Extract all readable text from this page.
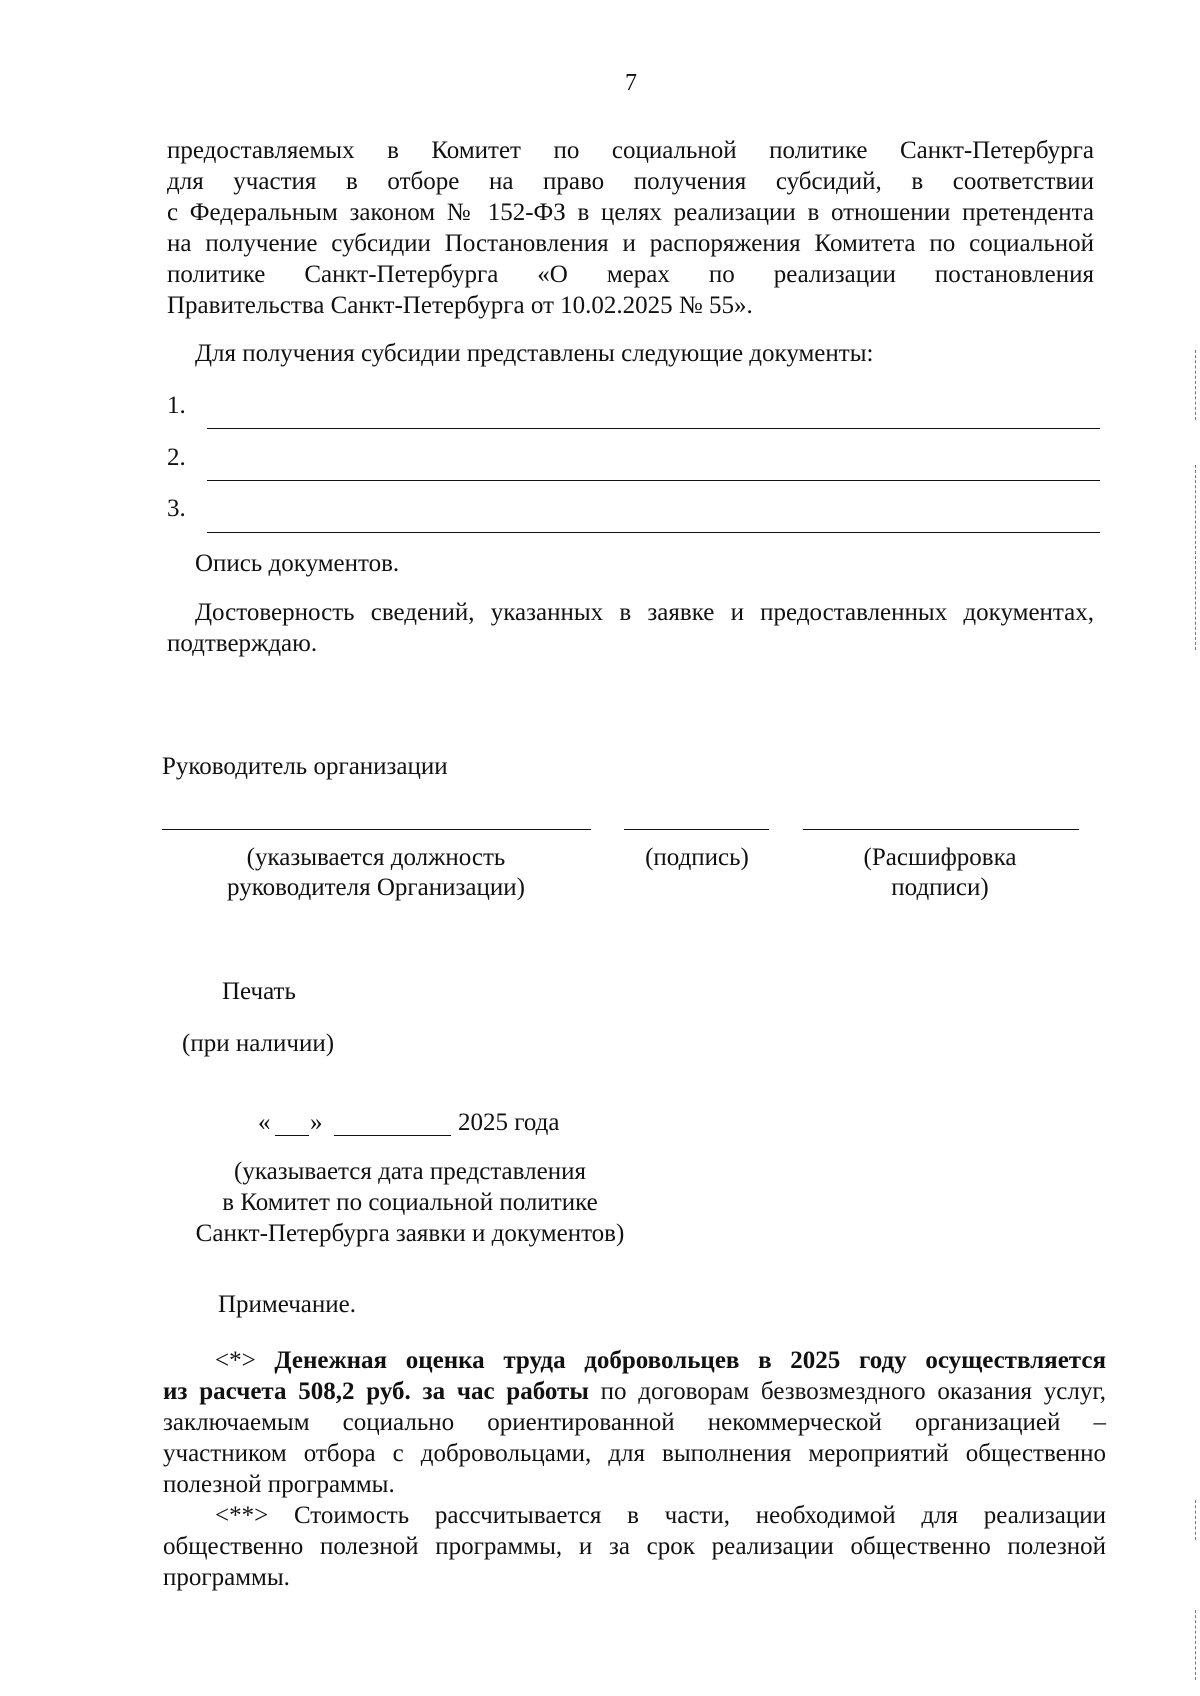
7
предоставляемых в Комитет по социальной политике Санкт-Петербурга
для участия в отборе на право получения субсидий, в соответствии
с Федеральным законом № 152-ФЗ в целях реализации в отношении претендента
на получение субсидии Постановления и распоряжения Комитета по социальной
политике Санкт-Петербурга «О мерах по реализации постановления
Правительства Санкт-Петербурга от 10.02.2025 № 55».
Для получения субсидии представлены следующие документы:
1.
2.
3.
Опись документов.
Достоверность сведений, указанных в заявке и предоставленных документах,
подтверждаю.
Руководитель организации
(указывается должность
руководителя Организации)
(подпись)	(Расшифровка
подписи)
Печать
(при наличии)
« »	2025 года
(указывается дата представления
в Комитет по социальной политике
Санкт-Петербурга заявки и документов)
Примечание.
<*> Денежная оценка труда добровольцев в 2025 году осуществляется
из расчета 508,2 руб. за час работы по договорам безвозмездного оказания услуг,
заключаемым социально ориентированной некоммерческой организацией –
участником отбора с добровольцами, для выполнения мероприятий общественно
полезной программы.
<**> Стоимость рассчитывается в части, необходимой для реализации
общественно полезной программы, и за срок реализации общественно полезной
программы.
